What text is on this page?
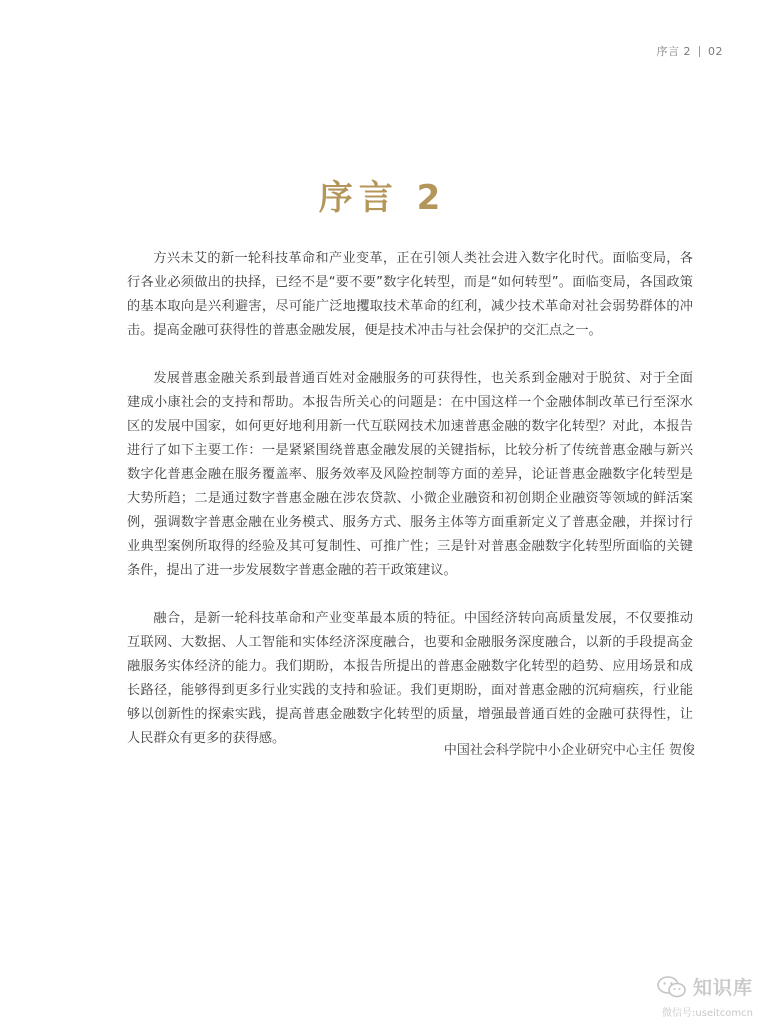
序言 2 02
序言 2

方兴未艾的新一轮科技革命和产业变革，正在引领人类社会进入数字化时代。面临变局，各行各业必须做出的抉择，已经不是“要不要”数字化转型，而是“如何转型”。面临变局，各国政策的基本取向是兴利避害，尽可能广泛地攫取技术革命的红利，减少技术革命对社会弱势群体的冲击。提高金融可获得性的普惠金融发展，便是技术冲击与社会保护的交汇点之一。

发展普惠金融关系到最普通百姓对金融服务的可获得性，也关系到金融对于脱贫、对于全面建成小康社会的支持和帮助。本报告所关心的问题是：在中国这样一个金融体制改革已行至深水区的发展中国家，如何更好地利用新一代互联网技术加速普惠金融的数字化转型？对此，本报告进行了如下主要工作：一是紧紧围绕普惠金融发展的关键指标，比较分析了传统普惠金融与新兴数字化普惠金融在服务覆盖率、服务效率及风险控制等方面的差异，论证普惠金融数字化转型是大势所趋；二是通过数字普惠金融在涉农贷款、小微企业融资和初创期企业融资等领域的鲜活案例，强调数字普惠金融在业务模式、服务方式、服务主体等方面重新定义了普惠金融，并探讨行业典型案例所取得的经验及其可复制性、可推广性；三是针对普惠金融数字化转型所面临的关键条件，提出了进一步发展数字普惠金融的若干政策建议。

融合，是新一轮科技革命和产业变革最本质的特征。中国经济转向高质量发展，不仅要推动互联网、大数据、人工智能和实体经济深度融合，也要和金融服务深度融合，以新的手段提高金融服务实体经济的能力。我们期盼，本报告所提出的普惠金融数字化转型的趋势、应用场景和成长路径，能够得到更多行业实践的支持和验证。我们更期盼，面对普惠金融的沉疴痼疾，行业能够以创新性的探索实践，提高普惠金融数字化转型的质量，增强最普通百姓的金融可获得性，让人民群众有更多的获得感。

中国社会科学院中小企业研究中心主任 贺俊
知识库
微信号:useitcomcn
